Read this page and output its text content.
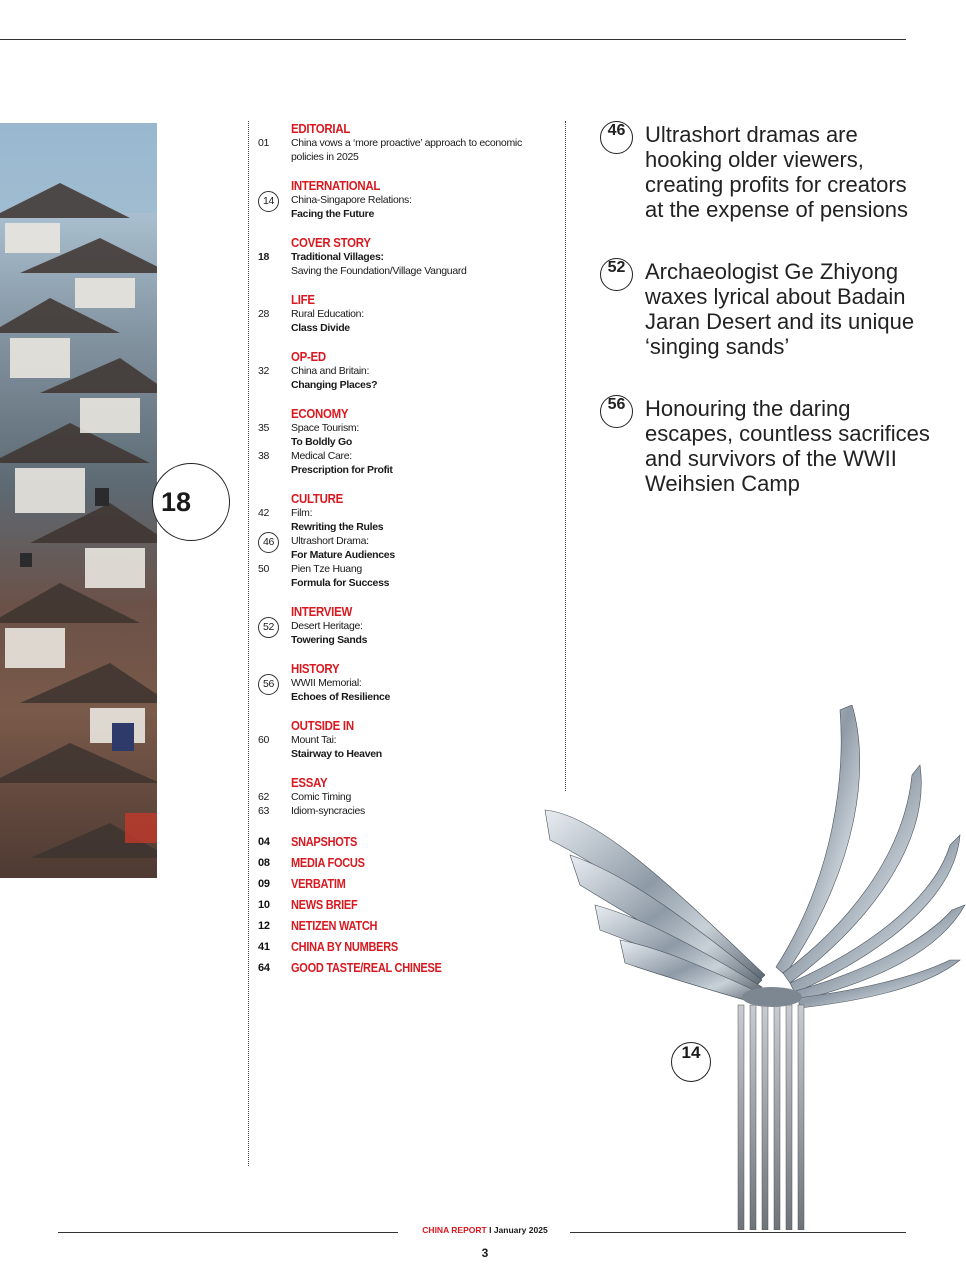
18
EDITORIAL
01	China vows a ‘more proactive’ approach to economic policies in 2025
INTERNATIONAL
14	China-Singapore Relations:
Facing the Future
COVER STORY
18	Traditional Villages:
Saving the Foundation/Village Vanguard
LIFE
28	Rural Education:
Class Divide
OP-ED
32	China and Britain:
Changing Places?
ECONOMY
35	Space Tourism:
To Boldly Go
38	Medical Care:
Prescription for Profit
CULTURE
42	Film:
Rewriting the Rules
46	Ultrashort Drama:
For Mature Audiences
50	Pien Tze Huang
Formula for Success
INTERVIEW
52	Desert Heritage:
Towering Sands
HISTORY
56	WWII Memorial:
Echoes of Resilience
OUTSIDE IN
60	Mount Tai:
Stairway to Heaven
ESSAY
62	Comic Timing
63	Idiom-syncracies
04 SNAPSHOTS
08 MEDIA FOCUS
09 VERBATIM
10 NEWS BRIEF
12 NETIZEN WATCH
41 CHINA BY NUMBERS
64 GOOD TASTE/REAL CHINESE
46 Ultrashort dramas are hooking older viewers, creating profits for creators at the expense of pensions
52 Archaeologist Ge Zhiyong waxes lyrical about Badain Jaran Desert and its unique ‘singing sands’
56 Honouring the daring escapes, countless sacrifices and survivors of the WWII Weihsien Camp
14
CHINA REPORT I January 2025
3
